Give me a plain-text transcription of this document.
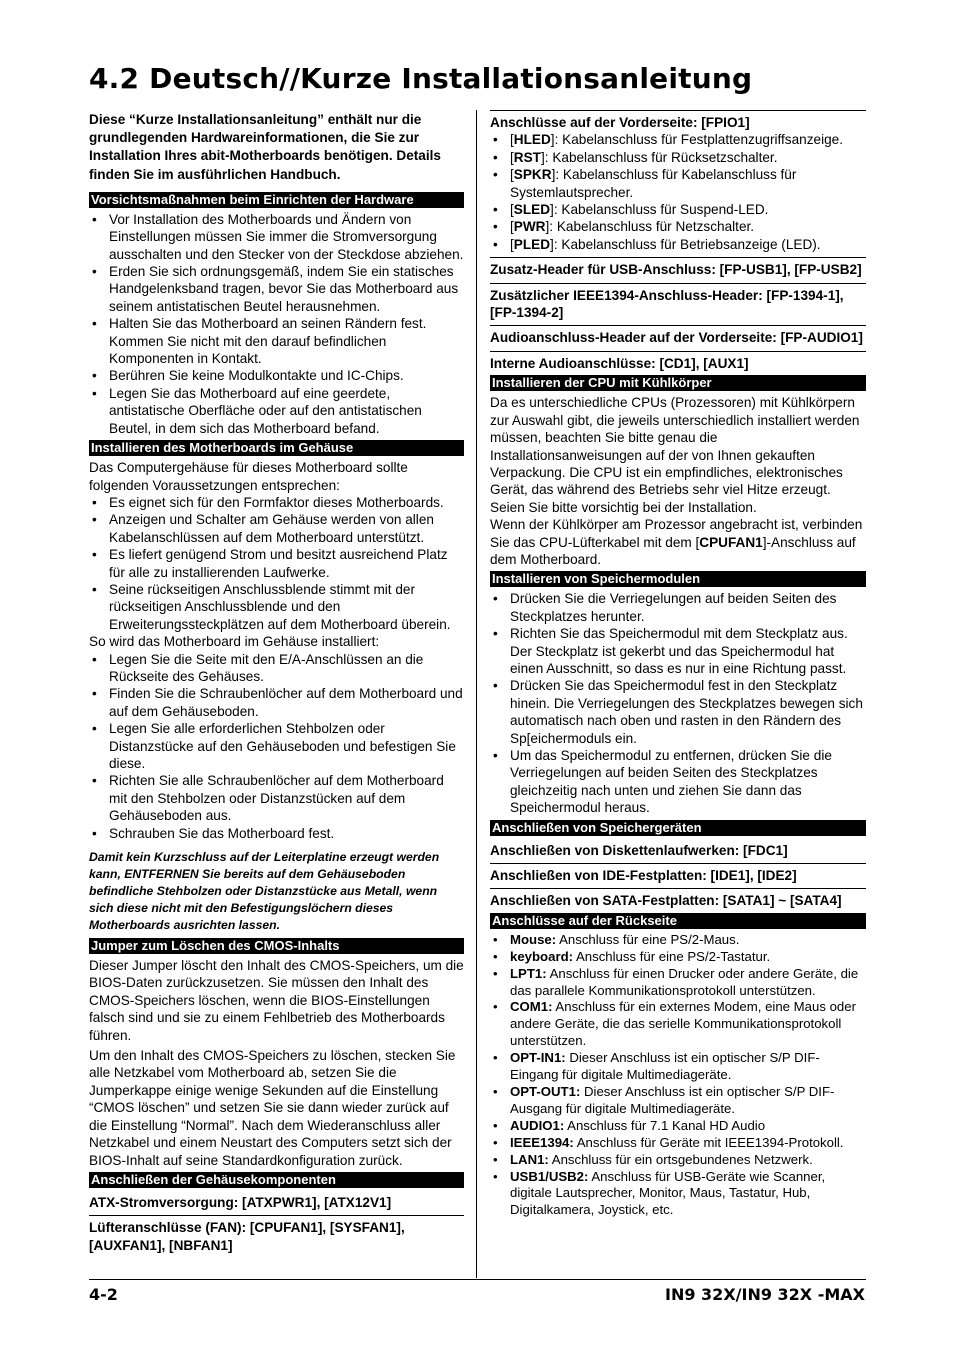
4.2 Deutsch//Kurze Installationsanleitung

Diese “Kurze Installationsanleitung” enthält nur die grundlegenden Hardwareinformationen, die Sie zur Installation Ihres abit-Motherboards benötigen. Details finden Sie im ausführlichen Handbuch.

Vorsichtsmaßnahmen beim Einrichten der Hardware
• Vor Installation des Motherboards und Ändern von Einstellungen müssen Sie immer die Stromversorgung ausschalten und den Stecker von der Steckdose abziehen.
• Erden Sie sich ordnungsgemäß, indem Sie ein statisches Handgelenksband tragen, bevor Sie das Motherboard aus seinem antistatischen Beutel herausnehmen.
• Halten Sie das Motherboard an seinen Rändern fest. Kommen Sie nicht mit den darauf befindlichen Komponenten in Kontakt.
• Berühren Sie keine Modulkontakte und IC-Chips.
• Legen Sie das Motherboard auf eine geerdete, antistatische Oberfläche oder auf den antistatischen Beutel, in dem sich das Motherboard befand.
Installieren des Motherboards im Gehäuse

Das Computergehäuse für dieses Motherboard sollte folgenden Voraussetzungen entsprechen:

• Es eignet sich für den Formfaktor dieses Motherboards.
• Anzeigen und Schalter am Gehäuse werden von allen Kabelanschlüssen auf dem Motherboard unterstützt.
• Es liefert genügend Strom und besitzt ausreichend Platz für alle zu installierenden Laufwerke.
• Seine rückseitigen Anschlussblende stimmt mit der rückseitigen Anschlussblende und den Erweiterungssteckplätzen auf dem Motherboard überein.

So wird das Motherboard im Gehäuse installiert:

• Legen Sie die Seite mit den E/A-Anschlüssen an die Rückseite des Gehäuses.
• Finden Sie die Schraubenlöcher auf dem Motherboard und auf dem Gehäuseboden.
• Legen Sie alle erforderlichen Stehbolzen oder Distanzstücke auf den Gehäuseboden und befestigen Sie diese.
• Richten Sie alle Schraubenlöcher auf dem Motherboard mit den Stehbolzen oder Distanzstücken auf dem Gehäuseboden aus.
• Schrauben Sie das Motherboard fest.

Damit kein Kurzschluss auf der Leiterplatine erzeugt werden kann, ENTFERNEN Sie bereits auf dem Gehäuseboden befindliche Stehbolzen oder Distanzstücke aus Metall, wenn sich diese nicht mit den Befestigungslöchern dieses Motherboards ausrichten lassen.

Jumper zum Löschen des CMOS-Inhalts

Dieser Jumper löscht den Inhalt des CMOS-Speichers, um die BIOS-Daten zurückzusetzen. Sie müssen den Inhalt des CMOS-Speichers löschen, wenn die BIOS-Einstellungen falsch sind und sie zu einem Fehlbetrieb des Motherboards führen.

Um den Inhalt des CMOS-Speichers zu löschen, stecken Sie alle Netzkabel vom Motherboard ab, setzen Sie die Jumperkappe einige wenige Sekunden auf die Einstellung “CMOS löschen” und setzen Sie sie dann wieder zurück auf die Einstellung “Normal”. Nach dem Wiederanschluss aller Netzkabel und einem Neustart des Computers setzt sich der BIOS-Inhalt auf seine Standardkonfiguration zurück.

Anschließen der Gehäusekomponenten
ATX-Stromversorgung: [ATXPWR1], [ATX12V1]
Lüfteranschlüsse (FAN): [CPUFAN1], [SYSFAN1], [AUXFAN1], [NBFAN1]
Anschlüsse auf der Vorderseite: [FPIO1]
• [HLED]: Kabelanschluss für Festplattenzugriffsanzeige.
• [RST]: Kabelanschluss für Rücksetzschalter.
• [SPKR]: Kabelanschluss für Kabelanschluss für Systemlautsprecher.
• [SLED]: Kabelanschluss für Suspend-LED.
• [PWR]: Kabelanschluss für Netzschalter.
• [PLED]: Kabelanschluss für Betriebsanzeige (LED).
Zusatz-Header für USB-Anschluss: [FP-USB1], [FP-USB2]
Zusätzlicher IEEE1394-Anschluss-Header: [FP-1394-1], [FP-1394-2]
Audioanschluss-Header auf der Vorderseite: [FP-AUDIO1]
Interne Audioanschlüsse: [CD1], [AUX1]
Installieren der CPU mit Kühlkörper

Da es unterschiedliche CPUs (Prozessoren) mit Kühlkörpern zur Auswahl gibt, die jeweils unterschiedlich installiert werden müssen, beachten Sie bitte genau die Installationsanweisungen auf der von Ihnen gekauften Verpackung. Die CPU ist ein empfindliches, elektronisches Gerät, das während des Betriebs sehr viel Hitze erzeugt. Seien Sie bitte vorsichtig bei der Installation.

Wenn der Kühlkörper am Prozessor angebracht ist, verbinden Sie das CPU-Lüfterkabel mit dem [CPUFAN1]-Anschluss auf dem Motherboard.

Installieren von Speichermodulen
• Drücken Sie die Verriegelungen auf beiden Seiten des Steckplatzes herunter.
• Richten Sie das Speichermodul mit dem Steckplatz aus. Der Steckplatz ist gekerbt und das Speichermodul hat einen Ausschnitt, so dass es nur in eine Richtung passt.
• Drücken Sie das Speichermodul fest in den Steckplatz hinein. Die Verriegelungen des Steckplatzes bewegen sich automatisch nach oben und rasten in den Rändern des Sp[eichermoduls ein.
• Um das Speichermodul zu entfernen, drücken Sie die Verriegelungen auf beiden Seiten des Steckplatzes gleichzeitig nach unten und ziehen Sie dann das Speichermodul heraus.
Anschließen von Speichergeräten
Anschließen von Diskettenlaufwerken: [FDC1]
Anschließen von IDE-Festplatten: [IDE1], [IDE2]
Anschließen von SATA-Festplatten: [SATA1] ~ [SATA4]
Anschlüsse auf der Rückseite
• Mouse: Anschluss für eine PS/2-Maus.
• keyboard: Anschluss für eine PS/2-Tastatur.
• LPT1: Anschluss für einen Drucker oder andere Geräte, die das parallele Kommunikationsprotokoll unterstützen.
• COM1: Anschluss für ein externes Modem, eine Maus oder andere Geräte, die das serielle Kommunikationsprotokoll unterstützen.
• OPT-IN1: Dieser Anschluss ist ein optischer S/P DIF-Eingang für digitale Multimediageräte.
• OPT-OUT1: Dieser Anschluss ist ein optischer S/P DIF-Ausgang für digitale Multimediageräte.
• AUDIO1: Anschluss für 7.1 Kanal HD Audio
• IEEE1394: Anschluss für Geräte mit IEEE1394-Protokoll.
• LAN1: Anschluss für ein ortsgebundenes Netzwerk.
• USB1/USB2: Anschluss für USB-Geräte wie Scanner, digitale Lautsprecher, Monitor, Maus, Tastatur, Hub, Digitalkamera, Joystick, etc.
4-2	IN9 32X/IN9 32X -MAX
